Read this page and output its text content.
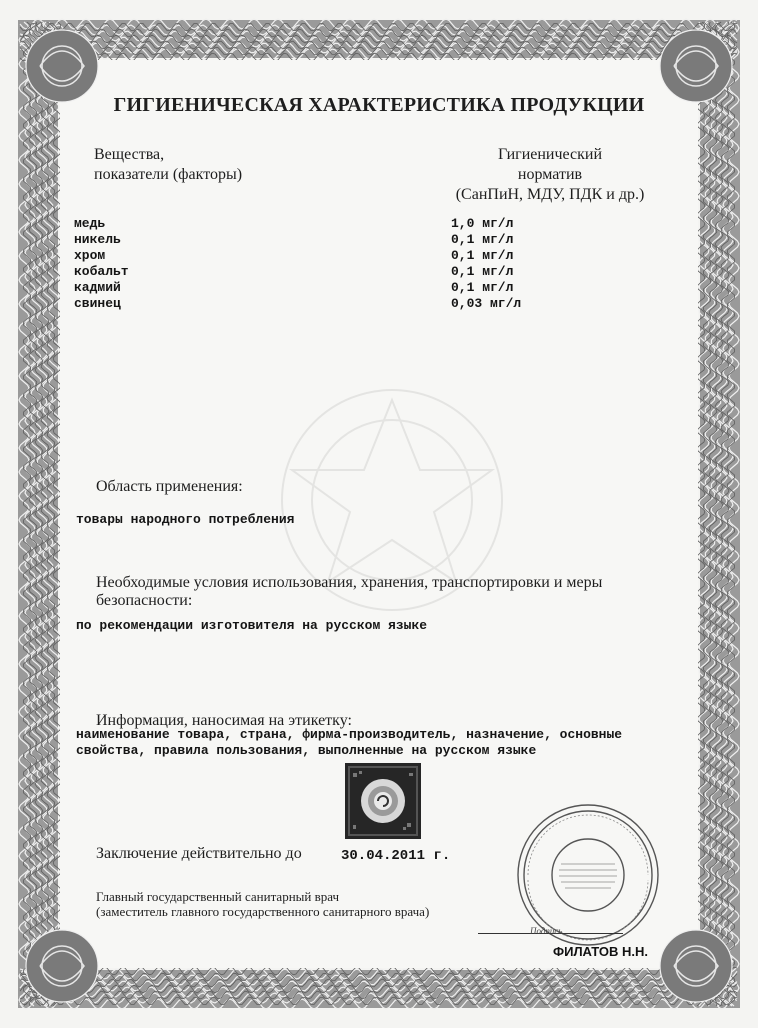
ГИГИЕНИЧЕСКАЯ ХАРАКТЕРИСТИКА ПРОДУКЦИИ
Вещества,
показатели (факторы)
Гигиенический
норматив
(СанПиН, МДУ, ПДК и др.)
медь	1,0 мг/л
никель	0,1 мг/л
хром	0,1 мг/л
кобальт	0,1 мг/л
кадмий	0,1 мг/л
свинец	0,03 мг/л
Область применения:
товары народного потребления
Необходимые условия использования, хранения, транспортировки и меры
безопасности:
по рекомендации изготовителя на русском языке
Информация, наносимая на этикетку:
наименование товара, страна, фирма-производитель, назначение, основные
свойства, правила пользования, выполненные на русском языке
Заключение действительно до	30.04.2011 г.
Главный государственный санитарный врач
(заместитель главного государственного санитарного врача)
Подпись
ФИЛАТОВ Н.Н.
